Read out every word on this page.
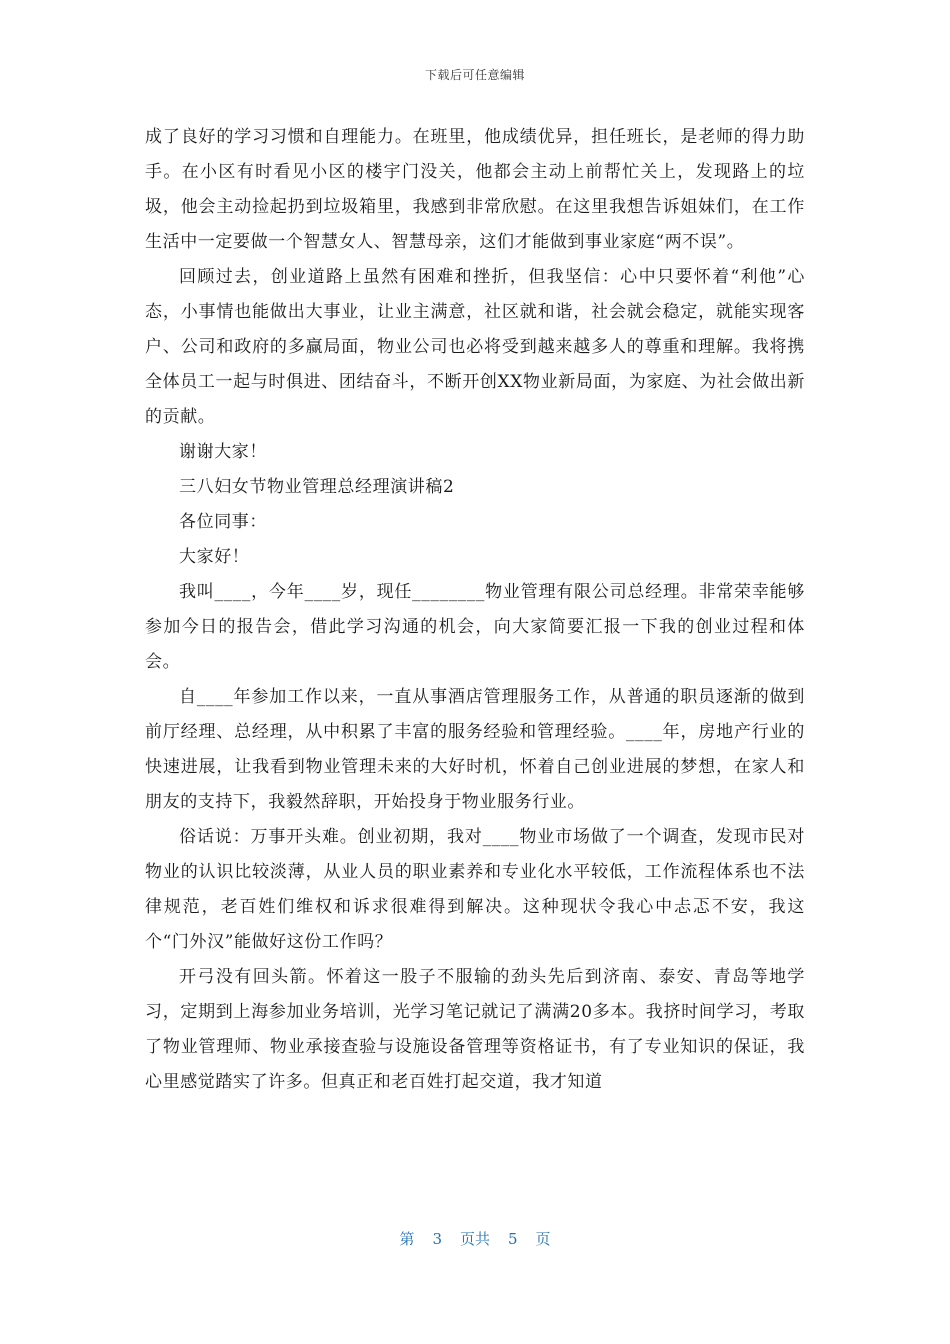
下载后可任意编辑

成了良好的学习习惯和自理能力。在班里，他成绩优异，担任班长，是老师的得力助手。在小区有时看见小区的楼宇门没关，他都会主动上前帮忙关上，发现路上的垃圾，他会主动捡起扔到垃圾箱里，我感到非常欣慰。在这里我想告诉姐妹们，在工作生活中一定要做一个智慧女人、智慧母亲，这们才能做到事业家庭“两不误”。

回顾过去，创业道路上虽然有困难和挫折，但我坚信：心中只要怀着“利他”心态，小事情也能做出大事业，让业主满意，社区就和谐，社会就会稳定，就能实现客户、公司和政府的多赢局面，物业公司也必将受到越来越多人的尊重和理解。我将携全体员工一起与时俱进、团结奋斗，不断开创XX物业新局面，为家庭、为社会做出新的贡献。

谢谢大家！

三八妇女节物业管理总经理演讲稿2

各位同事：

大家好！

我叫____，今年____岁，现任________物业管理有限公司总经理。非常荣幸能够参加今日的报告会，借此学习沟通的机会，向大家简要汇报一下我的创业过程和体会。

自____年参加工作以来，一直从事酒店管理服务工作，从普通的职员逐渐的做到前厅经理、总经理，从中积累了丰富的服务经验和管理经验。____年，房地产行业的快速进展，让我看到物业管理未来的大好时机，怀着自己创业进展的梦想，在家人和朋友的支持下，我毅然辞职，开始投身于物业服务行业。

俗话说：万事开头难。创业初期，我对____物业市场做了一个调查，发现市民对物业的认识比较淡薄，从业人员的职业素养和专业化水平较低，工作流程体系也不法律规范，老百姓们维权和诉求很难得到解决。这种现状令我心中忐忑不安，我这个“门外汉”能做好这份工作吗？

开弓没有回头箭。怀着这一股子不服输的劲头先后到济南、泰安、青岛等地学习，定期到上海参加业务培训，光学习笔记就记了满满20多本。我挤时间学习，考取了物业管理师、物业承接查验与设施设备管理等资格证书，有了专业知识的保证，我心里感觉踏实了许多。但真正和老百姓打起交道，我才知道

第 3 页共 5 页
